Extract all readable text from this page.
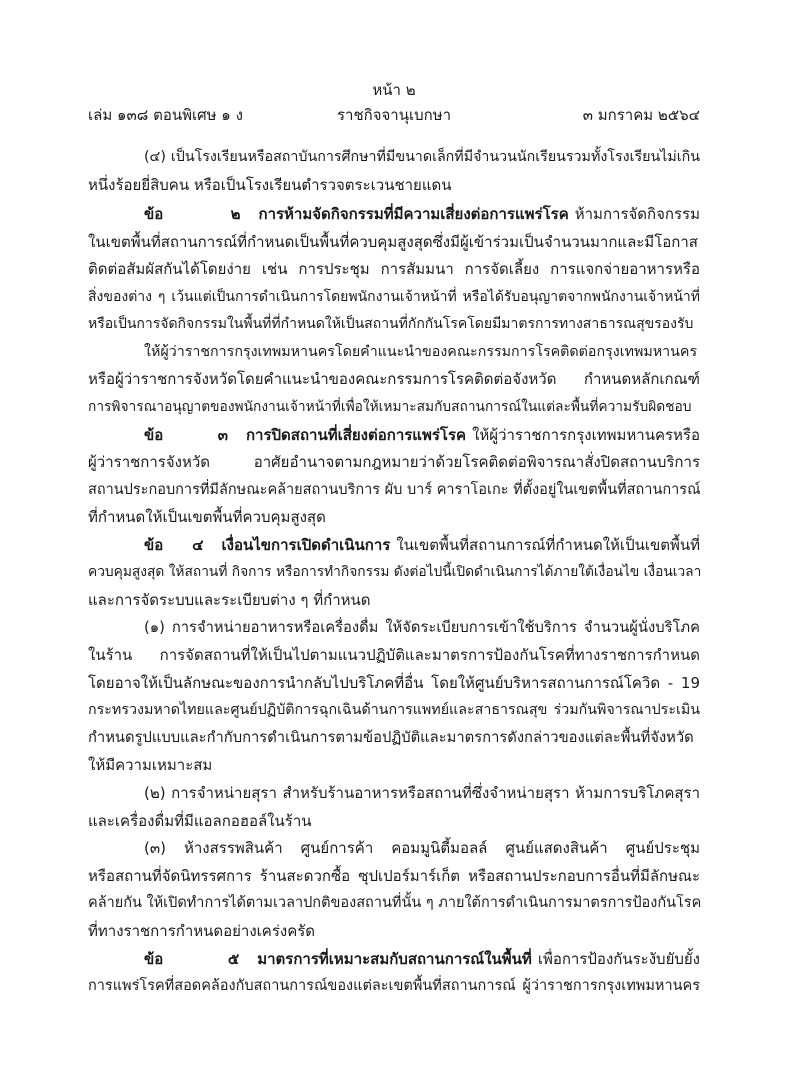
หน้า ๒
ราชกิจจานุเบกษา
เล่ม ๑๓๘ ตอนพิเศษ ๑ ง	๓ มกราคม ๒๕๖๔
(๔) เป็นโรงเรียนหรือสถาบันการศึกษาที่มีขนาดเล็กที่มีจำนวนนักเรียนรวมทั้งโรงเรียนไม่เกิน
หนึ่งร้อยยี่สิบคน หรือเป็นโรงเรียนตำรวจตระเวนชายแดน
ข้อ ๒ การห้ามจัดกิจกรรมที่มีความเสี่ยงต่อการแพร่โรค ห้ามการจัดกิจกรรม
ในเขตพื้นที่สถานการณ์ที่กำหนดเป็นพื้นที่ควบคุมสูงสุดซึ่งมีผู้เข้าร่วมเป็นจำนวนมากและมีโอกาส
ติดต่อสัมผัสกันได้โดยง่าย เช่น การประชุม การสัมมนา การจัดเลี้ยง การแจกจ่ายอาหารหรือ
สิ่งของต่าง ๆ เว้นแต่เป็นการดำเนินการโดยพนักงานเจ้าหน้าที่ หรือได้รับอนุญาตจากพนักงานเจ้าหน้าที่
หรือเป็นการจัดกิจกรรมในพื้นที่ที่กำหนดให้เป็นสถานที่กักกันโรคโดยมีมาตรการทางสาธารณสุขรองรับ
ให้ผู้ว่าราชการกรุงเทพมหานครโดยคำแนะนำของคณะกรรมการโรคติดต่อกรุงเทพมหานคร
หรือผู้ว่าราชการจังหวัดโดยคำแนะนำของคณะกรรมการโรคติดต่อจังหวัด กำหนดหลักเกณฑ์
การพิจารณาอนุญาตของพนักงานเจ้าหน้าที่เพื่อให้เหมาะสมกับสถานการณ์ในแต่ละพื้นที่ความรับผิดชอบ
ข้อ ๓ การปิดสถานที่เสี่ยงต่อการแพร่โรค ให้ผู้ว่าราชการกรุงเทพมหานครหรือ
ผู้ว่าราชการจังหวัด อาศัยอำนาจตามกฎหมายว่าด้วยโรคติดต่อพิจารณาสั่งปิดสถานบริการ
สถานประกอบการที่มีลักษณะคล้ายสถานบริการ ผับ บาร์ คาราโอเกะ ที่ตั้งอยู่ในเขตพื้นที่สถานการณ์
ที่กำหนดให้เป็นเขตพื้นที่ควบคุมสูงสุด
ข้อ ๔ เงื่อนไขการเปิดดำเนินการ ในเขตพื้นที่สถานการณ์ที่กำหนดให้เป็นเขตพื้นที่
ควบคุมสูงสุด ให้สถานที่ กิจการ หรือการทำกิจกรรม ดังต่อไปนี้เปิดดำเนินการได้ภายใต้เงื่อนไข เงื่อนเวลา
และการจัดระบบและระเบียบต่าง ๆ ที่กำหนด
(๑) การจำหน่ายอาหารหรือเครื่องดื่ม ให้จัดระเบียบการเข้าใช้บริการ จำนวนผู้นั่งบริโภค
ในร้าน การจัดสถานที่ให้เป็นไปตามแนวปฏิบัติและมาตรการป้องกันโรคที่ทางราชการกำหนด
โดยอาจให้เป็นลักษณะของการนำกลับไปบริโภคที่อื่น โดยให้ศูนย์บริหารสถานการณ์โควิด - 19
กระทรวงมหาดไทยและศูนย์ปฏิบัติการฉุกเฉินด้านการแพทย์และสาธารณสุข ร่วมกันพิจารณาประเมิน
กำหนดรูปแบบและกำกับการดำเนินการตามข้อปฏิบัติและมาตรการดังกล่าวของแต่ละพื้นที่จังหวัด
ให้มีความเหมาะสม
(๒) การจำหน่ายสุรา สำหรับร้านอาหารหรือสถานที่ซึ่งจำหน่ายสุรา ห้ามการบริโภคสุรา
และเครื่องดื่มที่มีแอลกอฮอล์ในร้าน
(๓) ห้างสรรพสินค้า ศูนย์การค้า คอมมูนิตี้มอลล์ ศูนย์แสดงสินค้า ศูนย์ประชุม
หรือสถานที่จัดนิทรรศการ ร้านสะดวกซื้อ ซุปเปอร์มาร์เก็ต หรือสถานประกอบการอื่นที่มีลักษณะ
คล้ายกัน ให้เปิดทำการได้ตามเวลาปกติของสถานที่นั้น ๆ ภายใต้การดำเนินการมาตรการป้องกันโรค
ที่ทางราชการกำหนดอย่างเคร่งครัด
ข้อ ๕ มาตรการที่เหมาะสมกับสถานการณ์ในพื้นที่ เพื่อการป้องกันระงับยับยั้ง
การแพร่โรคที่สอดคล้องกับสถานการณ์ของแต่ละเขตพื้นที่สถานการณ์ ผู้ว่าราชการกรุงเทพมหานคร
